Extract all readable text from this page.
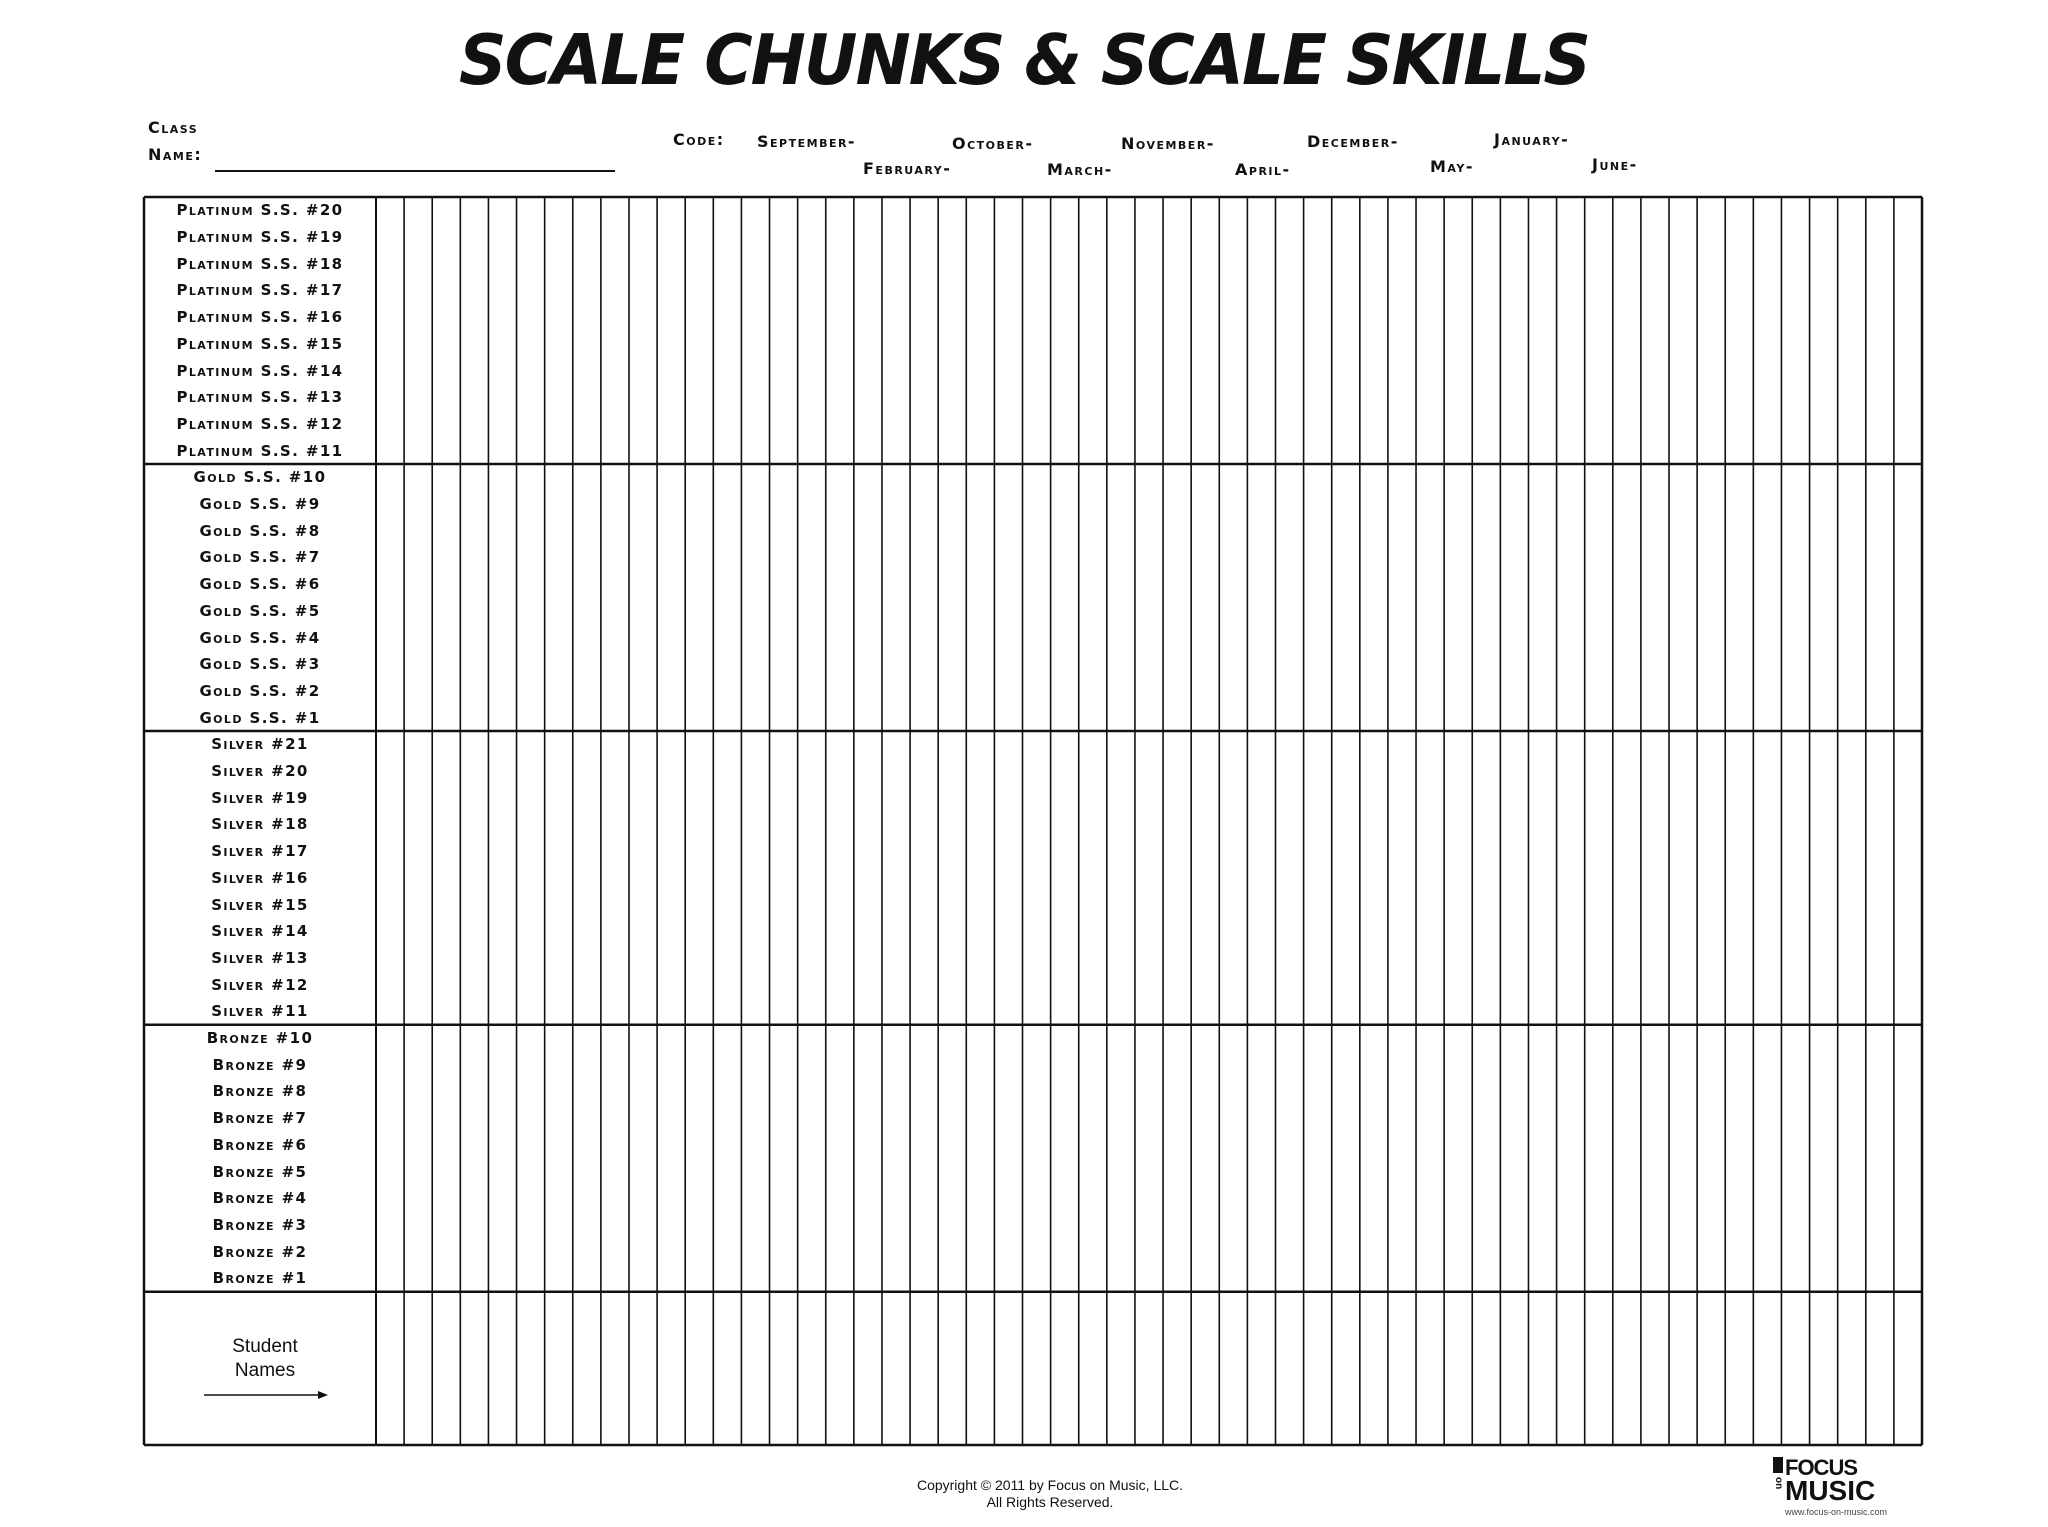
SCALE CHUNKS & SCALE SKILLS
Class
Name:
Code: September-	October-	November-	December-	January-
February-	March-	April-	May-	June-
Platinum S.S. #20
Platinum S.S. #19
Platinum S.S. #18
Platinum S.S. #17
Platinum S.S. #16
Platinum S.S. #15
Platinum S.S. #14
Platinum S.S. #13
Platinum S.S. #12
Platinum S.S. #11
Gold S.S. #10
Gold S.S. #9
Gold S.S. #8
Gold S.S. #7
Gold S.S. #6
Gold S.S. #5
Gold S.S. #4
Gold S.S. #3
Gold S.S. #2
Gold S.S. #1
Silver #21
Silver #20
Silver #19
Silver #18
Silver #17
Silver #16
Silver #15
Silver #14
Silver #13
Silver #12
Silver #11
Bronze #10
Bronze #9
Bronze #8
Bronze #7
Bronze #6
Bronze #5
Bronze #4
Bronze #3
Bronze #2
Bronze #1
Student
Names
Copyright © 2011 by Focus on Music, LLC.
All Rights Reserved.
FOCUS
on MUSIC
www.focus-on-music.com
